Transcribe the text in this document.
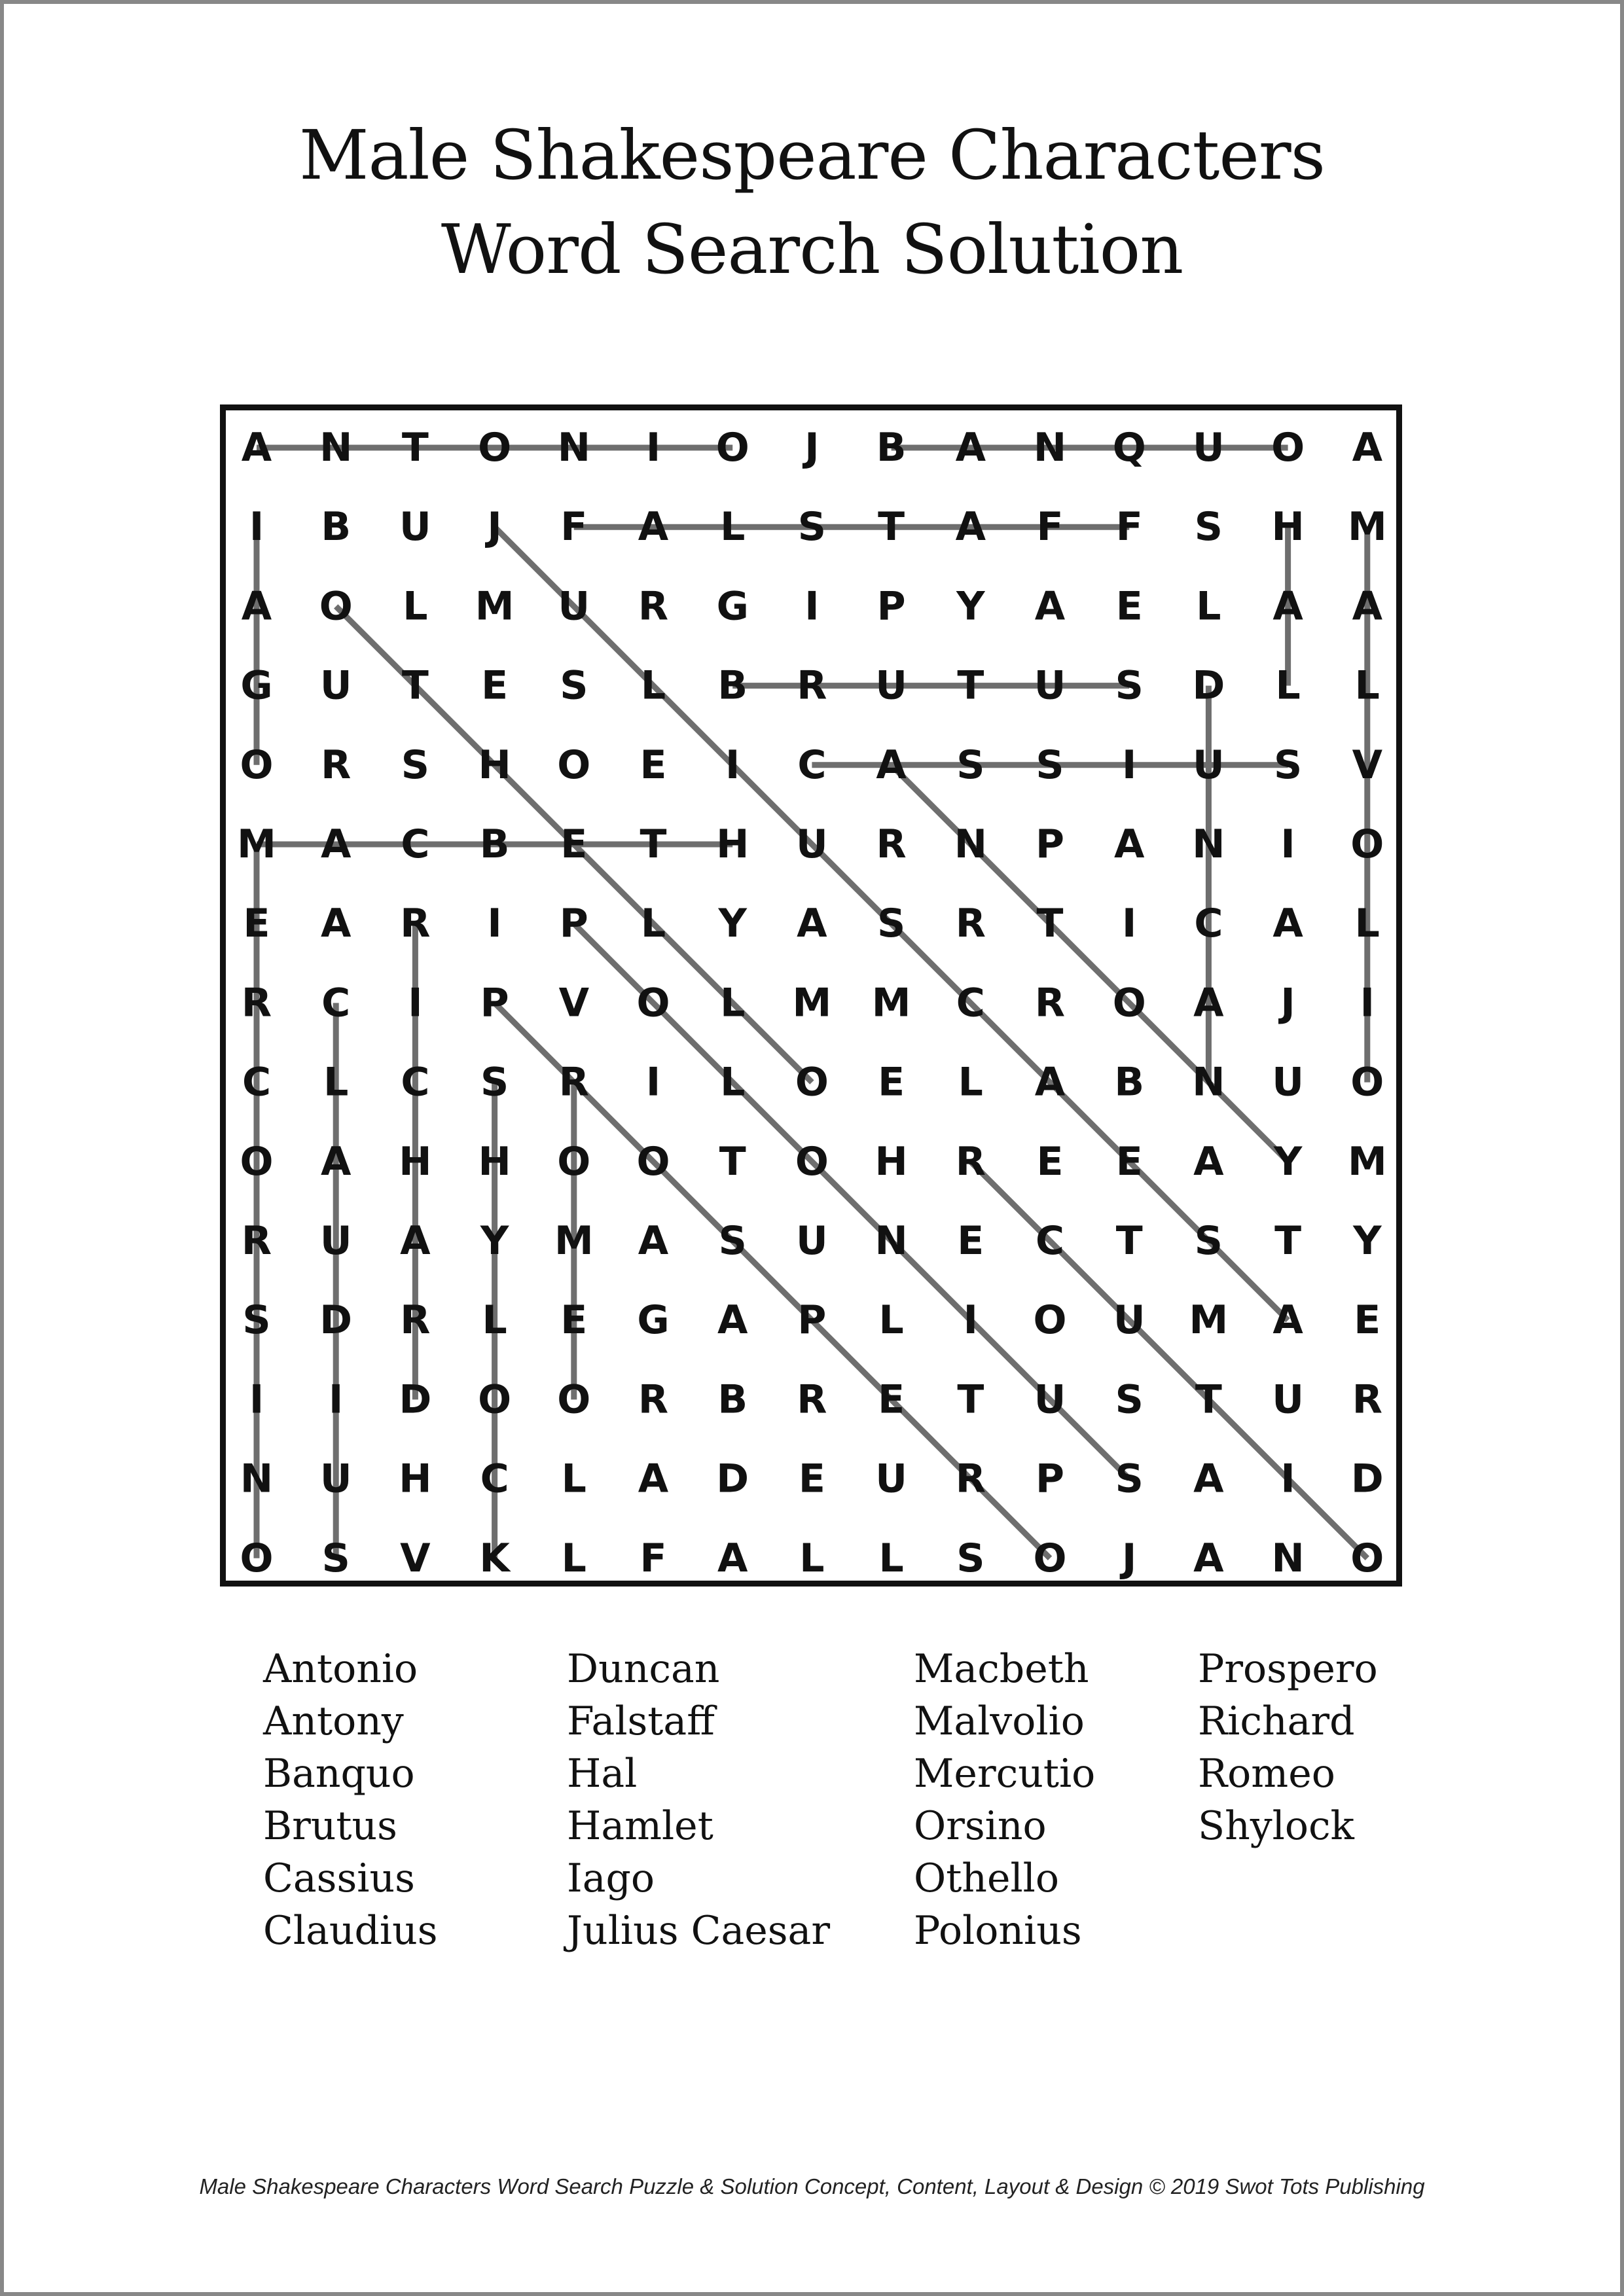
Male Shakespeare Characters
Word Search Solution
A N T O N I O J B A N Q U O A
I B U J F A L S T A F F S H M
A O L M U R G I P Y A E L A A
G U T E S L B R U T U S D L L
O R S H O E I C A S S I U S V
M A C B E T H U R N P A N I O
E A R I P L Y A S R T I C A L
R C I P V O L M M C R O A J I
C L C S R I L O E L A B N U O
O A H H O O T O H R E E A Y M
R U A Y M A S U N E C T S T Y
S D R L E G A P L I O U M A E
I I D O O R B R E T U S T U R
N U H C L A D E U R P S A I D
O S V K L F A L L S O J A N O
Antonio
Antony
Banquo
Brutus
Cassius
Claudius
Duncan
Falstaff
Hal
Hamlet
Iago
Julius Caesar
Macbeth
Malvolio
Mercutio
Orsino
Othello
Polonius
Prospero
Richard
Romeo
Shylock
Male Shakespeare Characters Word Search Puzzle & Solution Concept, Content, Layout & Design © 2019 Swot Tots Publishing
